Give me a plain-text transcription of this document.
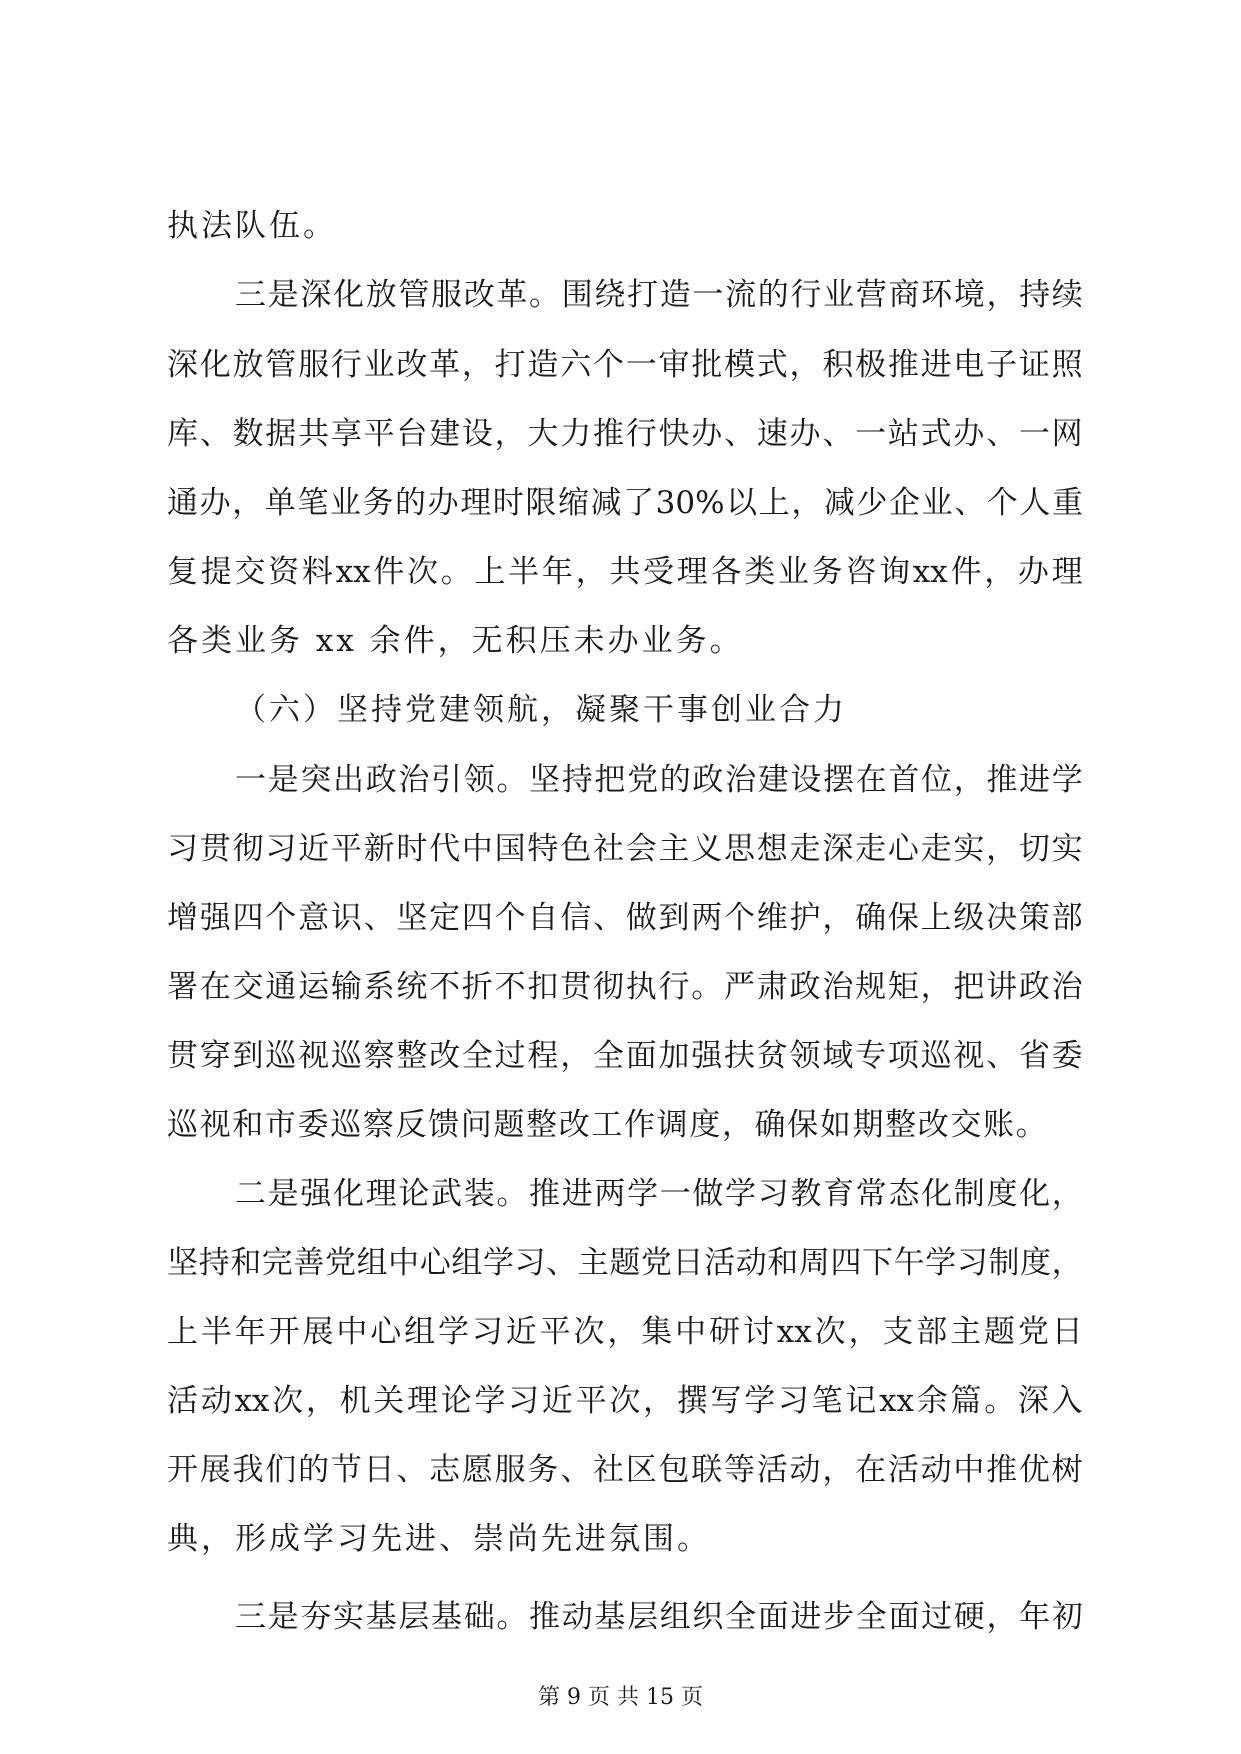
执法队伍。
三 是 深 化 放 管 服 改 革 。 围 绕 打 造 一 流 的 行 业 营 商 环 境 ， 持 续
深 化 放 管 服 行 业 改 革 ， 打 造 六 个 一 审 批 模 式 ， 积 极 推 进 电 子 证 照
库 、 数 据 共 享 平 台 建 设 ， 大 力 推 行 快 办 、 速 办 、 一 站 式 办 、 一 网
通 办 ， 单 笔 业 务 的 办 理 时 限 缩 减 了 30% 以 上 ， 减 少 企 业 、 个 人 重
复 提 交 资 料 xx 件 次 。 上 半 年 ， 共 受 理 各 类 业 务 咨 询 xx 件 ， 办 理
各类业务 xx 余件，无积压未办业务。
（六）坚持党建领航，凝聚干事创业合力
一 是 突 出 政 治 引 领 。 坚 持 把 党 的 政 治 建 设 摆 在 首 位 ， 推 进 学
习 贯 彻 习 近 平 新 时 代 中 国 特 色 社 会 主 义 思 想 走 深 走 心 走 实 ， 切 实
增 强 四 个 意 识 、 坚 定 四 个 自 信 、 做 到 两 个 维 护 ， 确 保 上 级 决 策 部
署 在 交 通 运 输 系 统 不 折 不 扣 贯 彻 执 行 。 严 肃 政 治 规 矩 ， 把 讲 政 治
贯 穿 到 巡 视 巡 察 整 改 全 过 程 ， 全 面 加 强 扶 贫 领 域 专 项 巡 视 、 省 委
巡 视 和 市 委 巡 察 反 馈 问 题 整 改 工 作 调 度 ， 确 保 如 期 整 改 交 账 。
二 是 强 化 理 论 武 装 。 推 进 两 学 一 做 学 习 教 育 常 态 化 制 度 化 ，
坚 持 和 完 善 党 组 中 心 组 学 习 、 主 题 党 日 活 动 和 周 四 下 午 学 习 制 度 ，
上 半 年 开 展 中 心 组 学 习 近 平 次 ， 集 中 研 讨 xx 次 ， 支 部 主 题 党 日
活 动 xx 次 ， 机 关 理 论 学 习 近 平 次 ， 撰 写 学 习 笔 记 xx 余 篇 。 深 入
开 展 我 们 的 节 日 、 志 愿 服 务 、 社 区 包 联 等 活 动 ， 在 活 动 中 推 优 树
典，形成学习先进、崇尚先进氛围。
三 是 夯 实 基 层 基 础 。 推 动 基 层 组 织 全 面 进 步 全 面 过 硬 ， 年 初
第 9 页 共 15 页
